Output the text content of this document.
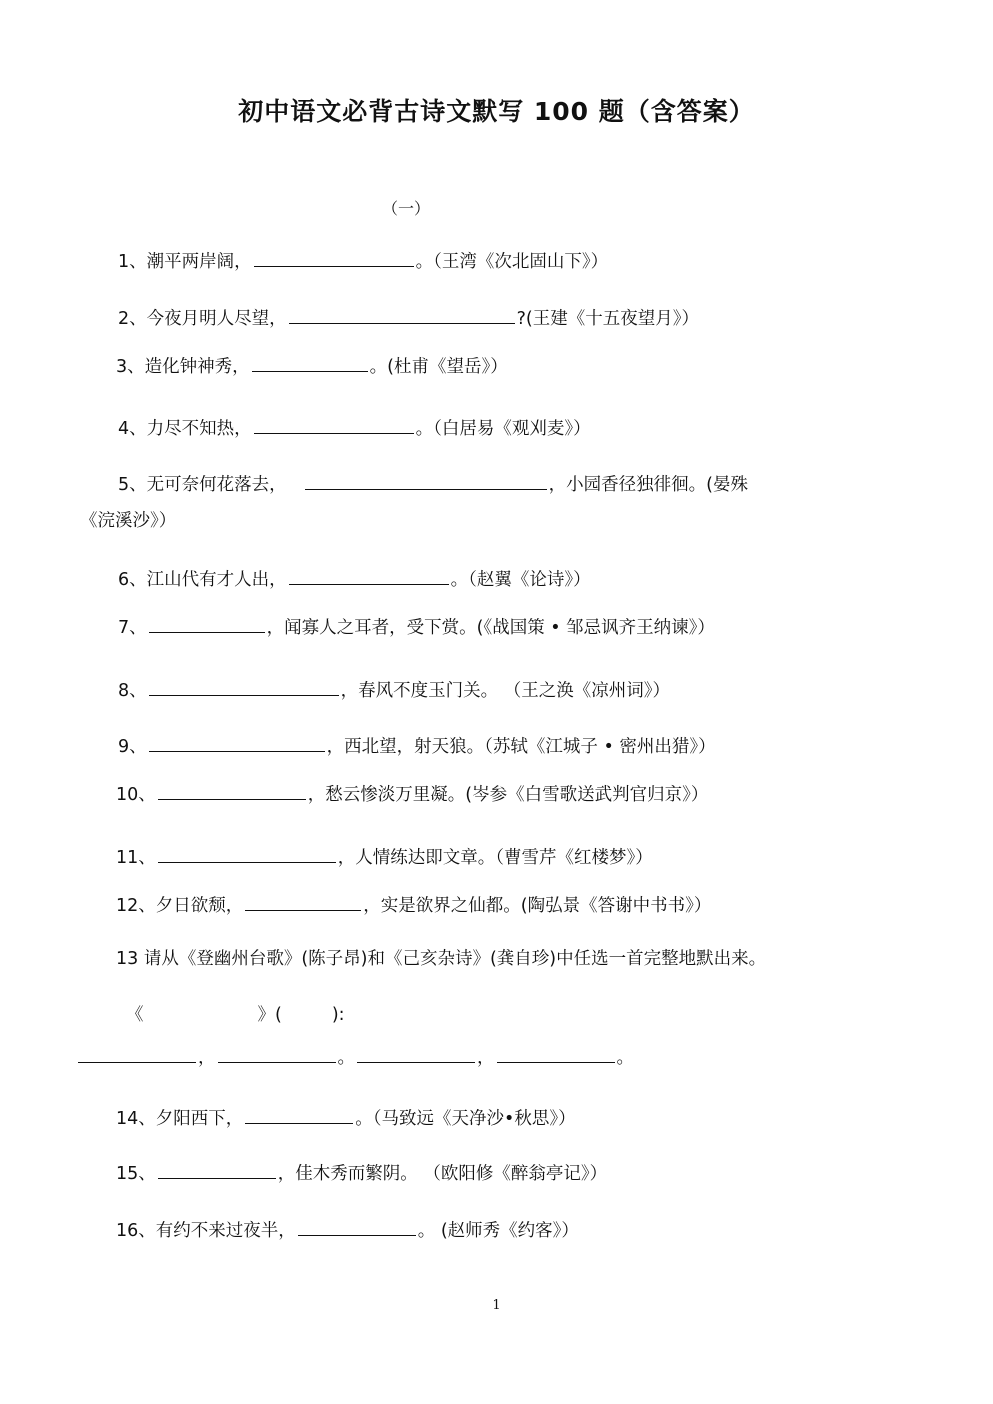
初中语文必背古诗文默写 100 题（含答案）
（一）
1、潮平两岸阔，	。（王湾《次北固山下》）
2、今夜月明人尽望，	?(王建《十五夜望月》）
3、造化钟神秀，	。(杜甫《望岳》）
4、力尽不知热，	。（白居易《观刈麦》）
5、无可奈何花落去，	，小园香径独徘徊。(晏殊
《浣溪沙》）
6、江山代有才人出，	。（赵翼《论诗》）
7、	，闻寡人之耳者，受下赏。(《战国策 • 邹忌讽齐王纳谏》）
8、	，春风不度玉门关。 （王之涣《凉州词》）
9、	，西北望，射天狼。（苏轼《江城子 • 密州出猎》）
10、	，愁云惨淡万里凝。(岑参《白雪歌送武判官归京》）
11、	，人情练达即文章。（曹雪芹《红楼梦》）
12、夕日欲颓，	，实是欲界之仙都。(陶弘景《答谢中书书》）
13 请从《登幽州台歌》(陈子昂)和《己亥杂诗》(龚自珍)中任选一首完整地默出来。
《	》(	):
，	。	，	。
14、夕阳西下，	。（马致远《天净沙•秋思》）
15、	，佳木秀而繁阴。 （欧阳修《醉翁亭记》）
16、有约不来过夜半，	。 (赵师秀《约客》）
1
